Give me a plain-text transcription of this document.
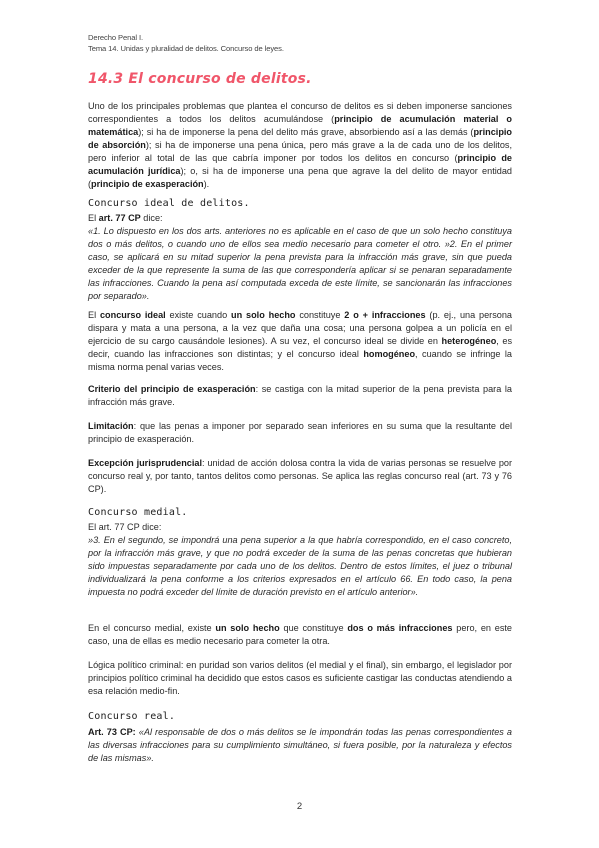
Derecho Penal I.
Tema 14. Unidas y pluralidad de delitos. Concurso de leyes.
14.3 El concurso de delitos.
Uno de los principales problemas que plantea el concurso de delitos es si deben imponerse sanciones correspondientes a todos los delitos acumulándose (principio de acumulación material o matemática); si ha de imponerse la pena del delito más grave, absorbiendo así a las demás (principio de absorción); si ha de imponerse una pena única, pero más grave a la de cada uno de los delitos, pero inferior al total de las que cabría imponer por todos los delitos en concurso (principio de acumulación jurídica); o, si ha de imponerse una pena que agrave la del delito de mayor entidad (principio de exasperación).
Concurso ideal de delitos.
El art. 77 CP dice:
«1. Lo dispuesto en los dos arts. anteriores no es aplicable en el caso de que un solo hecho constituya dos o más delitos, o cuando uno de ellos sea medio necesario para cometer el otro. »2. En el primer caso, se aplicará en su mitad superior la pena prevista para la infracción más grave, sin que pueda exceder de la que represente la suma de las que correspondería aplicar si se penaran separadamente las infracciones. Cuando la pena así computada exceda de este límite, se sancionarán las infracciones por separado».
El concurso ideal existe cuando un solo hecho constituye 2 o + infracciones (p. ej., una persona dispara y mata a una persona, a la vez que daña una cosa; una persona golpea a un policía en el ejercicio de su cargo causándole lesiones). A su vez, el concurso ideal se divide en heterogéneo, es decir, cuando las infracciones son distintas; y el concurso ideal homogéneo, cuando se infringe la misma norma penal varias veces.
Criterio del principio de exasperación: se castiga con la mitad superior de la pena prevista para la infracción más grave.
Limitación: que las penas a imponer por separado sean inferiores en su suma que la resultante del principio de exasperación.
Excepción jurisprudencial: unidad de acción dolosa contra la vida de varias personas se resuelve por concurso real y, por tanto, tantos delitos como personas. Se aplica las reglas concurso real (art. 73 y 76 CP).
Concurso medial.
El art. 77 CP dice:
»3. En el segundo, se impondrá una pena superior a la que habría correspondido, en el caso concreto, por la infracción más grave, y que no podrá exceder de la suma de las penas concretas que hubieran sido impuestas separadamente por cada uno de los delitos. Dentro de estos límites, el juez o tribunal individualizará la pena conforme a los criterios expresados en el artículo 66. En todo caso, la pena impuesta no podrá exceder del límite de duración previsto en el artículo anterior».
En el concurso medial, existe un solo hecho que constituye dos o más infracciones pero, en este caso, una de ellas es medio necesario para cometer la otra.
Lógica político criminal: en puridad son varios delitos (el medial y el final), sin embargo, el legislador por principios político criminal ha decidido que estos casos es suficiente castigar las conductas atendiendo a esa relación medio-fin.
Concurso real.
Art. 73 CP: «Al responsable de dos o más delitos se le impondrán todas las penas correspondientes a las diversas infracciones para su cumplimiento simultáneo, si fuera posible, por la naturaleza y efectos de las mismas».
2
